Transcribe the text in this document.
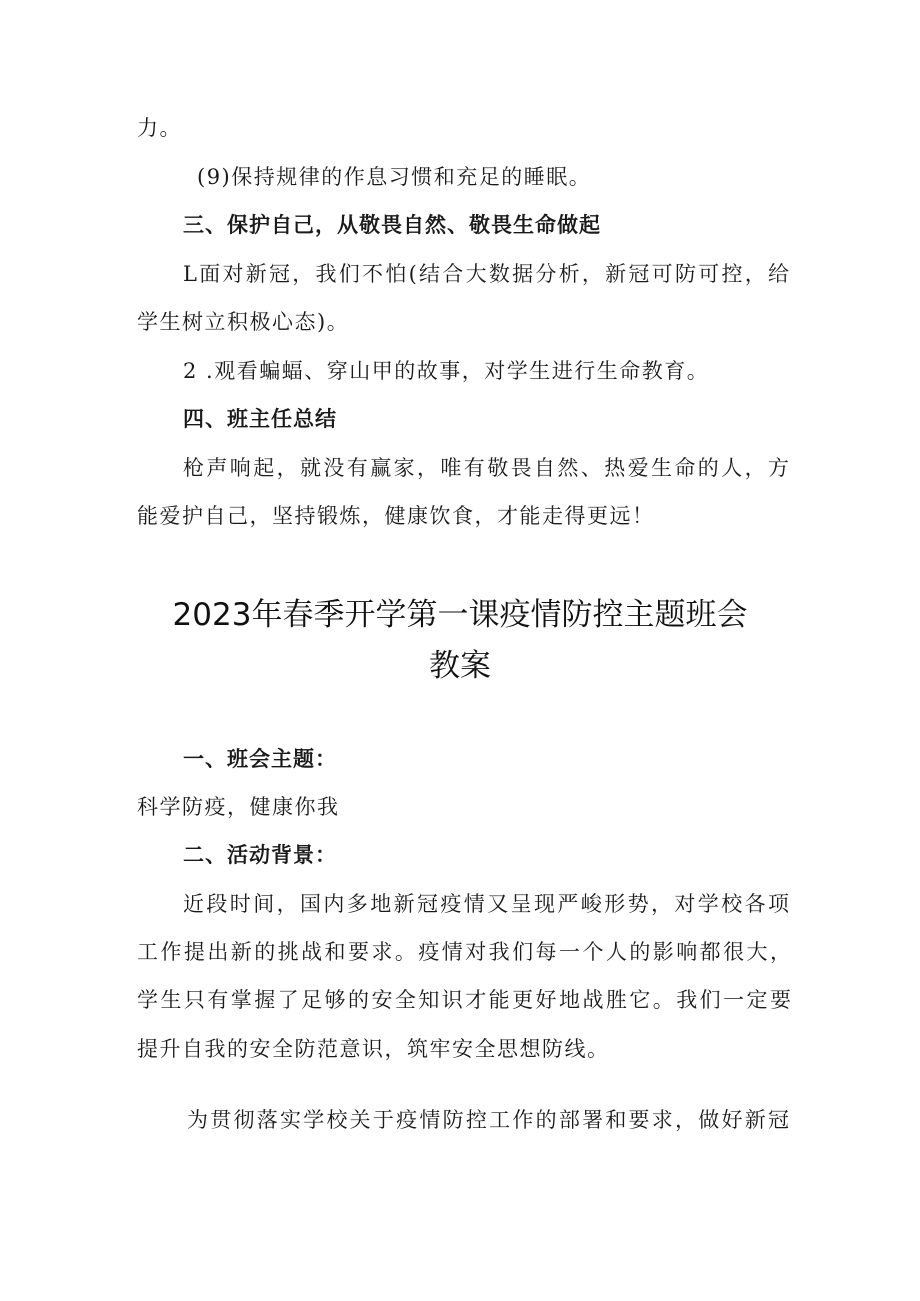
力。
(9)保持规律的作息习惯和充足的睡眠。
三、保护自己，从敬畏自然、敬畏生命做起
L面对新冠，我们不怕(结合大数据分析，新冠可防可控，给
学生树立积极心态)。
2 .观看蝙蝠、穿山甲的故事，对学生进行生命教育。
四、班主任总结
枪声响起，就没有赢家，唯有敬畏自然、热爱生命的人，方
能爱护自己，坚持锻炼，健康饮食，才能走得更远！
2023年春季开学第一课疫情防控主题班会
教案
一、班会主题：
科学防疫，健康你我
二、活动背景：
近段时间，国内多地新冠疫情又呈现严峻形势，对学校各项
工作提出新的挑战和要求。疫情对我们每一个人的影响都很大，
学生只有掌握了足够的安全知识才能更好地战胜它。我们一定要
提升自我的安全防范意识，筑牢安全思想防线。
为贯彻落实学校关于疫情防控工作的部署和要求，做好新冠
